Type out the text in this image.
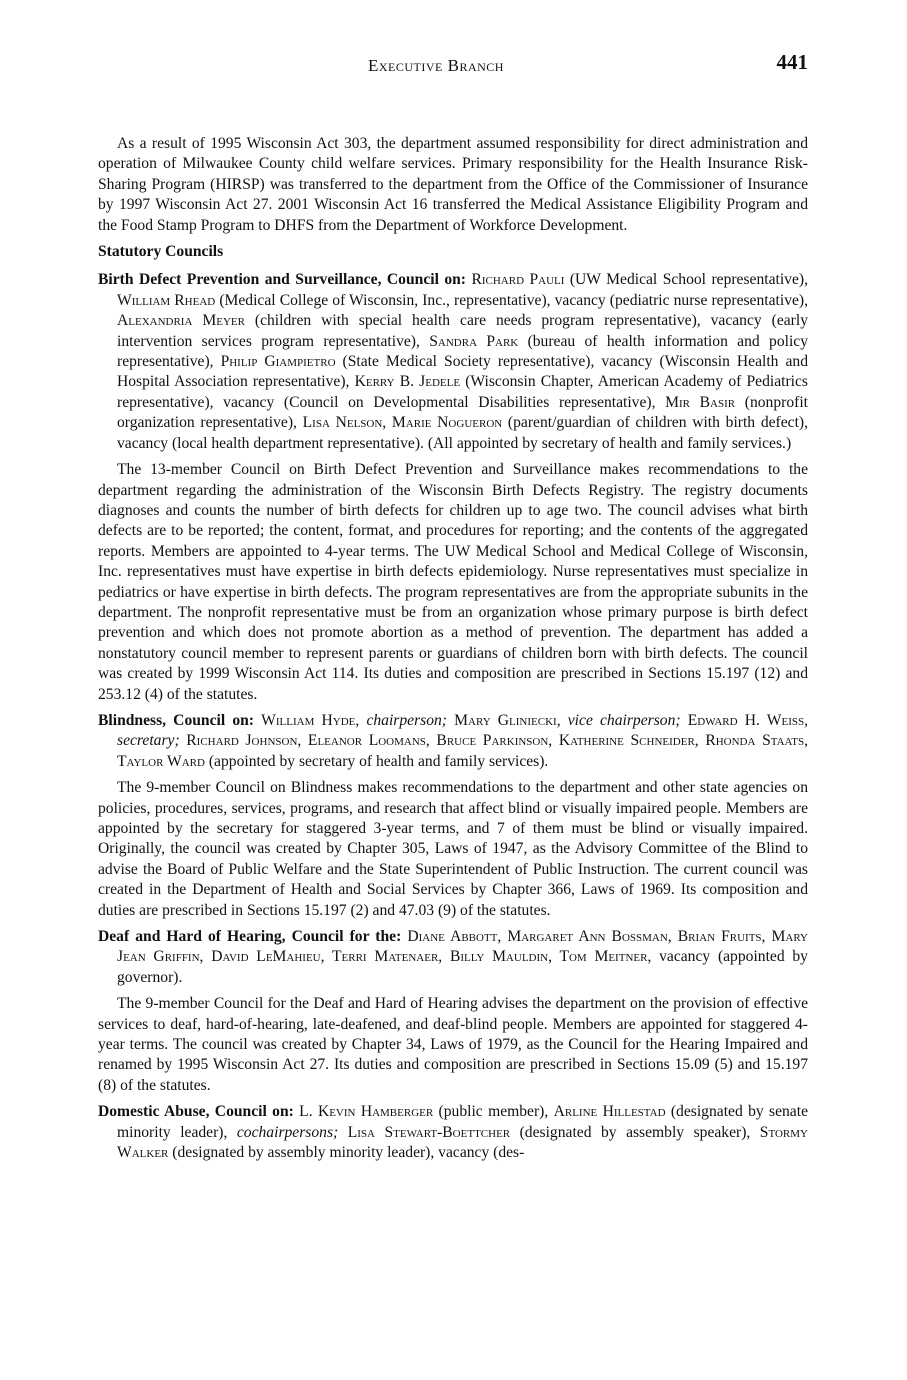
Executive Branch	441

As a result of 1995 Wisconsin Act 303, the department assumed responsibility for direct administration and operation of Milwaukee County child welfare services. Primary responsibility for the Health Insurance Risk-Sharing Program (HIRSP) was transferred to the department from the Office of the Commissioner of Insurance by 1997 Wisconsin Act 27. 2001 Wisconsin Act 16 transferred the Medical Assistance Eligibility Program and the Food Stamp Program to DHFS from the Department of Workforce Development.

Statutory Councils

Birth Defect Prevention and Surveillance, Council on: Richard Pauli (UW Medical School representative), William Rhead (Medical College of Wisconsin, Inc., representative), vacancy (pediatric nurse representative), Alexandria Meyer (children with special health care needs program representative), vacancy (early intervention services program representative), Sandra Park (bureau of health information and policy representative), Philip Giampietro (State Medical Society representative), vacancy (Wisconsin Health and Hospital Association representative), Kerry B. Jedele (Wisconsin Chapter, American Academy of Pediatrics representative), vacancy (Council on Developmental Disabilities representative), Mir Basir (nonprofit organization representative), Lisa Nelson, Marie Nogueron (parent/guardian of children with birth defect), vacancy (local health department representative). (All appointed by secretary of health and family services.)

The 13-member Council on Birth Defect Prevention and Surveillance makes recommendations to the department regarding the administration of the Wisconsin Birth Defects Registry. The registry documents diagnoses and counts the number of birth defects for children up to age two. The council advises what birth defects are to be reported; the content, format, and procedures for reporting; and the contents of the aggregated reports. Members are appointed to 4-year terms. The UW Medical School and Medical College of Wisconsin, Inc. representatives must have expertise in birth defects epidemiology. Nurse representatives must specialize in pediatrics or have expertise in birth defects. The program representatives are from the appropriate subunits in the department. The nonprofit representative must be from an organization whose primary purpose is birth defect prevention and which does not promote abortion as a method of prevention. The department has added a nonstatutory council member to represent parents or guardians of children born with birth defects. The council was created by 1999 Wisconsin Act 114. Its duties and composition are prescribed in Sections 15.197 (12) and 253.12 (4) of the statutes.

Blindness, Council on: William Hyde, chairperson; Mary Gliniecki, vice chairperson; Edward H. Weiss, secretary; Richard Johnson, Eleanor Loomans, Bruce Parkinson, Katherine Schneider, Rhonda Staats, Taylor Ward (appointed by secretary of health and family services).

The 9-member Council on Blindness makes recommendations to the department and other state agencies on policies, procedures, services, programs, and research that affect blind or visually impaired people. Members are appointed by the secretary for staggered 3-year terms, and 7 of them must be blind or visually impaired. Originally, the council was created by Chapter 305, Laws of 1947, as the Advisory Committee of the Blind to advise the Board of Public Welfare and the State Superintendent of Public Instruction. The current council was created in the Department of Health and Social Services by Chapter 366, Laws of 1969. Its composition and duties are prescribed in Sections 15.197 (2) and 47.03 (9) of the statutes.

Deaf and Hard of Hearing, Council for the: Diane Abbott, Margaret Ann Bossman, Brian Fruits, Mary Jean Griffin, David LeMahieu, Terri Matenaer, Billy Mauldin, Tom Meitner, vacancy (appointed by governor).

The 9-member Council for the Deaf and Hard of Hearing advises the department on the provision of effective services to deaf, hard-of-hearing, late-deafened, and deaf-blind people. Members are appointed for staggered 4-year terms. The council was created by Chapter 34, Laws of 1979, as the Council for the Hearing Impaired and renamed by 1995 Wisconsin Act 27. Its duties and composition are prescribed in Sections 15.09 (5) and 15.197 (8) of the statutes.

Domestic Abuse, Council on: L. Kevin Hamberger (public member), Arline Hillestad (designated by senate minority leader), cochairpersons; Lisa Stewart-Boettcher (designated by assembly speaker), Stormy Walker (designated by assembly minority leader), vacancy (des-
